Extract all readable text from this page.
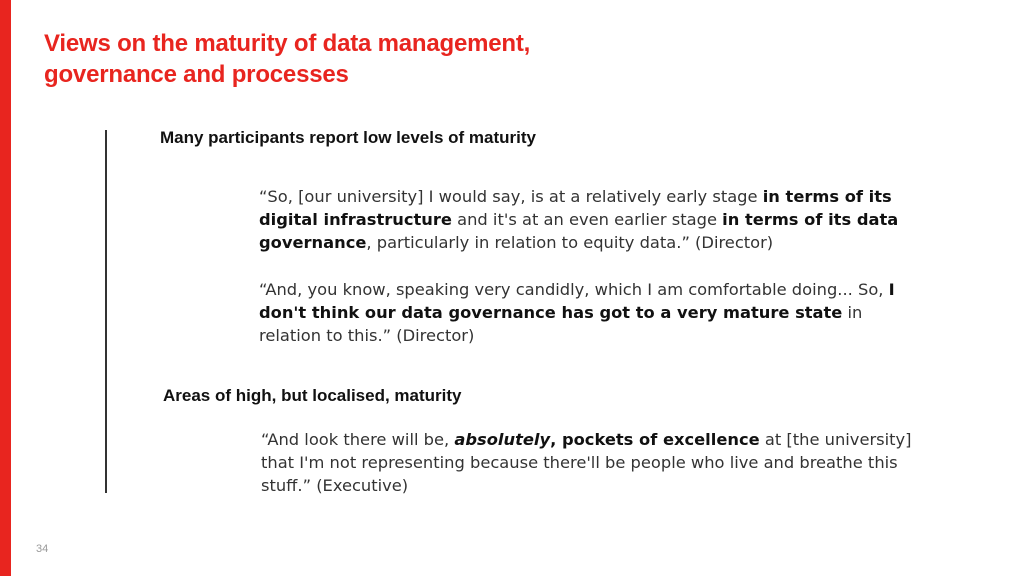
Views on the maturity of data management,
governance and processes
Many participants report low levels of maturity

“So, [our university] I would say, is at a relatively early stage in terms of its digital infrastructure and it's at an even earlier stage in terms of its data governance, particularly in relation to equity data.” (Director)

“And, you know, speaking very candidly, which I am comfortable doing... So, I don't think our data governance has got to a very mature state in relation to this.” (Director)

Areas of high, but localised, maturity

“And look there will be, absolutely, pockets of excellence at [the university] that I'm not representing because there'll be people who live and breathe this stuff.” (Executive)

34
